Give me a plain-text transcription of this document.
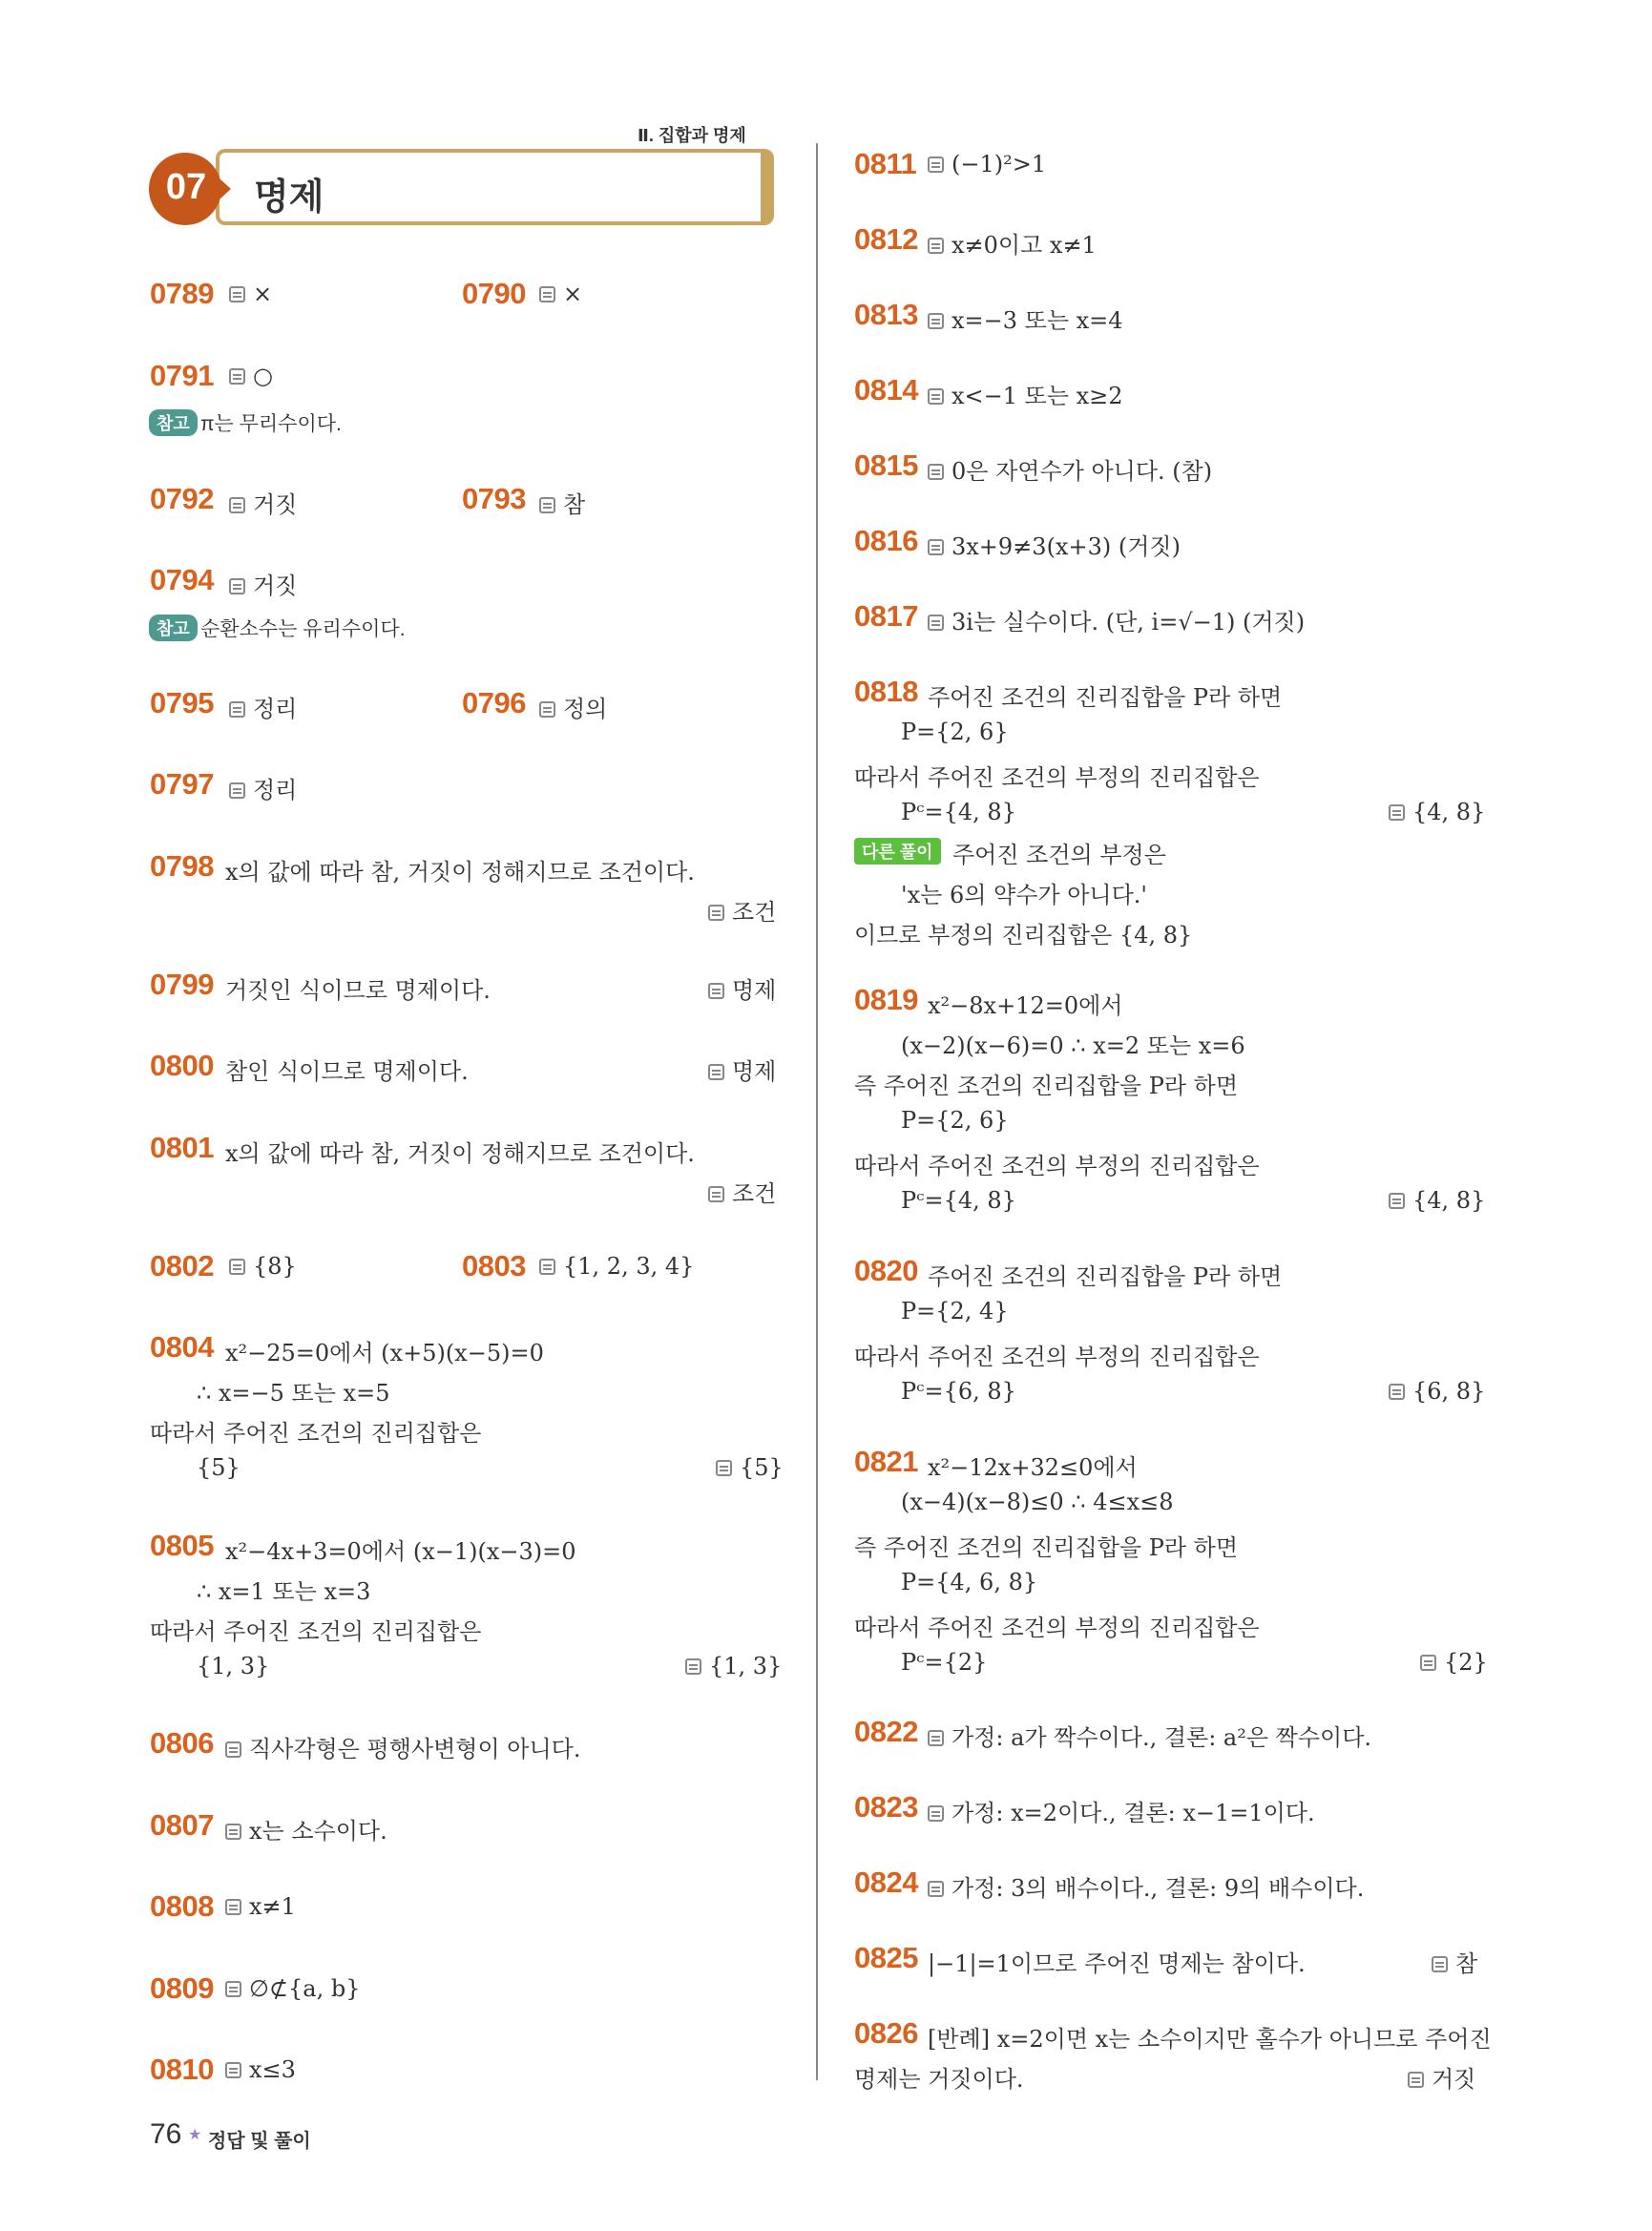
Ⅱ. 집합과 명제
07 명제
0789	×	0790	×
0791	○
참고 π는 무리수이다.
0792	거짓	0793	참
0794	거짓
참고 순환소수는 유리수이다.
0795	정리	0796	정의
0797	정리
0798 x의 값에 따라 참, 거짓이 정해지므로 조건이다.
조건
0799 거짓인 식이므로 명제이다.	명제
0800 참인 식이므로 명제이다.	명제
0801 x의 값에 따라 참, 거짓이 정해지므로 조건이다.
조건
0802	{8}	0803	{1, 2, 3, 4}
0804 x²−25=0에서 (x+5)(x−5)=0
∴ x=−5 또는 x=5
따라서 주어진 조건의 진리집합은
{5}	{5}
0805 x²−4x+3=0에서 (x−1)(x−3)=0
∴ x=1 또는 x=3
따라서 주어진 조건의 진리집합은
{1, 3}	{1, 3}
0806	직사각형은 평행사변형이 아니다.
0807	x는 소수이다.
0808	x≠1
0809	∅⊄{a, b}
0810	x≤3
0811	(−1)²>1
0812	x≠0이고 x≠1
0813	x=−3 또는 x=4
0814	x<−1 또는 x≥2
0815	0은 자연수가 아니다. (참)
0816	3x+9≠3(x+3) (거짓)
0817	3i는 실수이다. (단, i=√−1) (거짓)
0818 주어진 조건의 진리집합을 P라 하면
P={2, 6}
따라서 주어진 조건의 부정의 진리집합은
Pᶜ={4, 8}	{4, 8}
다른 풀이 주어진 조건의 부정은
'x는 6의 약수가 아니다.'
이므로 부정의 진리집합은 {4, 8}
0819 x²−8x+12=0에서
(x−2)(x−6)=0 ∴ x=2 또는 x=6
즉 주어진 조건의 진리집합을 P라 하면
P={2, 6}
따라서 주어진 조건의 부정의 진리집합은
Pᶜ={4, 8}	{4, 8}
0820 주어진 조건의 진리집합을 P라 하면
P={2, 4}
따라서 주어진 조건의 부정의 진리집합은
Pᶜ={6, 8}	{6, 8}
0821 x²−12x+32≤0에서
(x−4)(x−8)≤0 ∴ 4≤x≤8
즉 주어진 조건의 진리집합을 P라 하면
P={4, 6, 8}
따라서 주어진 조건의 부정의 진리집합은
Pᶜ={2}	{2}
0822	가정: a가 짝수이다., 결론: a²은 짝수이다.
0823	가정: x=2이다., 결론: x−1=1이다.
0824	가정: 3의 배수이다., 결론: 9의 배수이다.
0825 |−1|=1이므로 주어진 명제는 참이다.	참
0826 [반례] x=2이면 x는 소수이지만 홀수가 아니므로 주어진
명제는 거짓이다.	거짓
76 ★ 정답 및 풀이
